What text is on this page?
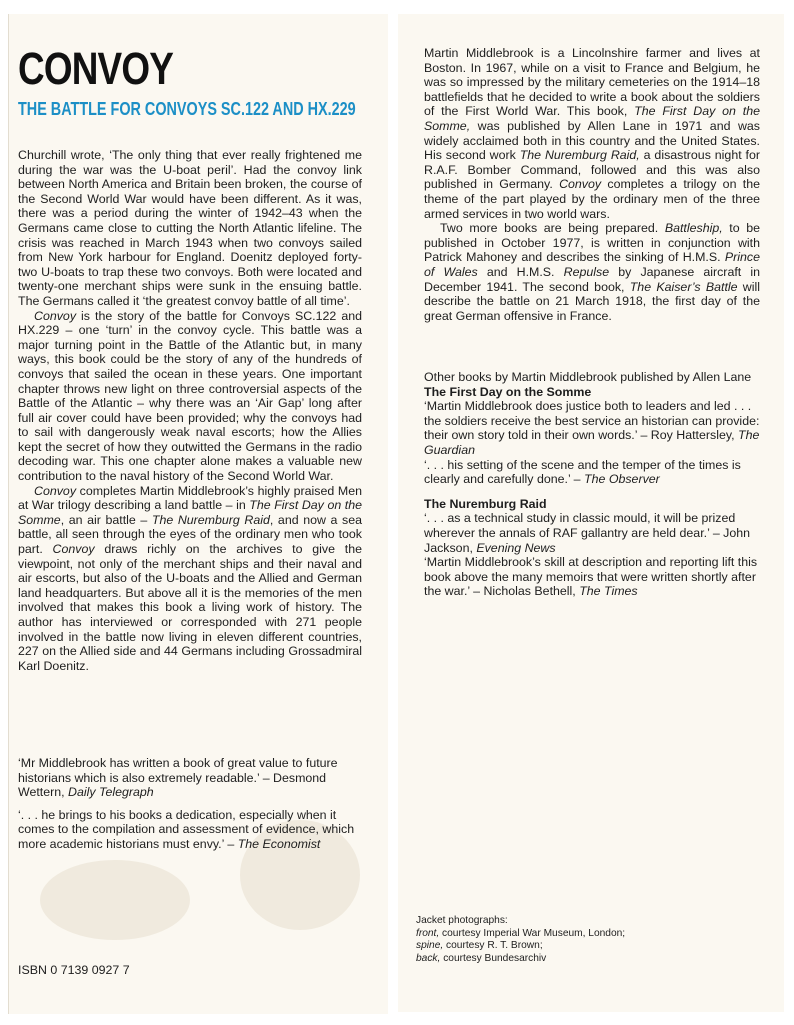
CONVOY
THE BATTLE FOR CONVOYS SC.122 AND HX.229

Churchill wrote, ‘The only thing that ever really frightened me during the war was the U-boat peril’. Had the convoy link between North America and Britain been broken, the course of the Second World War would have been different. As it was, there was a period during the winter of 1942–43 when the Germans came close to cutting the North Atlantic lifeline. The crisis was reached in March 1943 when two convoys sailed from New York harbour for England. Doenitz deployed forty-two U-boats to trap these two convoys. Both were located and twenty-one merchant ships were sunk in the ensuing battle. The Germans called it ‘the greatest convoy battle of all time’.

Convoy is the story of the battle for Convoys SC.122 and HX.229 – one ‘turn’ in the convoy cycle. This battle was a major turning point in the Battle of the Atlantic but, in many ways, this book could be the story of any of the hundreds of convoys that sailed the ocean in these years. One important chapter throws new light on three controversial aspects of the Battle of the Atlantic – why there was an ‘Air Gap’ long after full air cover could have been provided; why the convoys had to sail with dangerously weak naval escorts; how the Allies kept the secret of how they outwitted the Germans in the radio decoding war. This one chapter alone makes a valuable new contribution to the naval history of the Second World War.

Convoy completes Martin Middlebrook’s highly praised Men at War trilogy describing a land battle – in The First Day on the Somme, an air battle – The Nuremburg Raid, and now a sea battle, all seen through the eyes of the ordinary men who took part. Convoy draws richly on the archives to give the viewpoint, not only of the merchant ships and their naval and air escorts, but also of the U-boats and the Allied and German land headquarters. But above all it is the memories of the men involved that makes this book a living work of history. The author has interviewed or corresponded with 271 people involved in the battle now living in eleven different countries, 227 on the Allied side and 44 Germans including Grossadmiral Karl Doenitz.

‘Mr Middlebrook has written a book of great value to future historians which is also extremely readable.’ – Desmond Wettern, Daily Telegraph

‘. . . he brings to his books a dedication, especially when it comes to the compilation and assessment of evidence, which more academic historians must envy.’ – The Economist

ISBN 0 7139 0927 7

Martin Middlebrook is a Lincolnshire farmer and lives at Boston. In 1967, while on a visit to France and Belgium, he was so impressed by the military cemeteries on the 1914–18 battlefields that he decided to write a book about the soldiers of the First World War. This book, The First Day on the Somme, was published by Allen Lane in 1971 and was widely acclaimed both in this country and the United States. His second work The Nuremburg Raid, a disastrous night for R.A.F. Bomber Command, followed and this was also published in Germany. Convoy completes a trilogy on the theme of the part played by the ordinary men of the three armed services in two world wars.

Two more books are being prepared. Battleship, to be published in October 1977, is written in conjunction with Patrick Mahoney and describes the sinking of H.M.S. Prince of Wales and H.M.S. Repulse by Japanese aircraft in December 1941. The second book, The Kaiser’s Battle will describe the battle on 21 March 1918, the first day of the great German offensive in France.

Other books by Martin Middlebrook published by Allen Lane

The First Day on the Somme

‘Martin Middlebrook does justice both to leaders and led . . . the soldiers receive the best service an historian can provide: their own story told in their own words.’ – Roy Hattersley, The Guardian

‘. . . his setting of the scene and the temper of the times is clearly and carefully done.’ – The Observer

The Nuremburg Raid

‘. . . as a technical study in classic mould, it will be prized wherever the annals of RAF gallantry are held dear.’ – John Jackson, Evening News

‘Martin Middlebrook’s skill at description and reporting lift this book above the many memoirs that were written shortly after the war.’ – Nicholas Bethell, The Times

Jacket photographs:

front, courtesy Imperial War Museum, London;

spine, courtesy R. T. Brown;

back, courtesy Bundesarchiv
